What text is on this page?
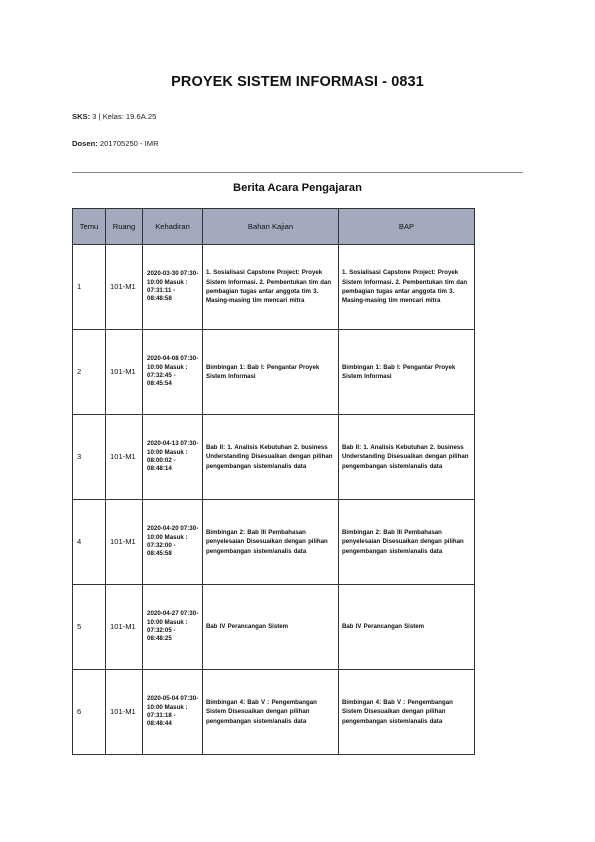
PROYEK SISTEM INFORMASI - 0831
SKS: 3 | Kelas: 19.6A.25
Dosen: 201705250 - IMR
Berita Acara Pengajaran
Temu	Ruang	Kehadiran	Bahan Kajian	BAP
1	101-M1	2020-03-30 07:30-10:00 Masuk : 07:31:11 - 08:48:58	1. Sosialisasi Capstone Project: Proyek Sistem Informasi. 2. Pembentukan tim dan pembagian tugas antar anggota tim 3. Masing-masing tim mencari mitra	1. Sosialisasi Capstone Project: Proyek Sistem Informasi. 2. Pembentukan tim dan pembagian tugas antar anggota tim 3. Masing-masing tim mencari mitra
2	101-M1	2020-04-08 07:30-10:00 Masuk : 07:32:45 - 08:45:54	Bimbingan 1: Bab I: Pengantar Proyek Sistem Informasi	Bimbingan 1: Bab I: Pengantar Proyek Sistem Informasi
3	101-M1	2020-04-13 07:30-10:00 Masuk : 08:00:02 - 08:48:14	Bab II: 1. Analisis Kebutuhan 2. business Understanding Disesuaikan dengan pilihan pengembangan sistem/analis data	Bab II: 1. Analisis Kebutuhan 2. business Understanding Disesuaikan dengan pilihan pengembangan sistem/analis data
4	101-M1	2020-04-20 07:30-10:00 Masuk : 07:32:00 - 08:45:58	Bimbingan 2: Bab III Pembahasan penyelesaian Disesuaikan dengan pilihan pengembangan sistem/analis data	Bimbingan 2: Bab III Pembahasan penyelesaian Disesuaikan dengan pilihan pengembangan sistem/analis data
5	101-M1	2020-04-27 07:30-10:00 Masuk : 07:32:05 - 08:48:25	Bab IV Perancangan Sistem	Bab IV Perancangan Sistem
6	101-M1	2020-05-04 07:30-10:00 Masuk : 07:31:18 - 08:48:44	Bimbingan 4: Bab V : Pengembangan Sistem Disesuaikan dengan pilihan pengembangan sistem/analis data	Bimbingan 4: Bab V : Pengembangan Sistem Disesuaikan dengan pilihan pengembangan sistem/analis data
